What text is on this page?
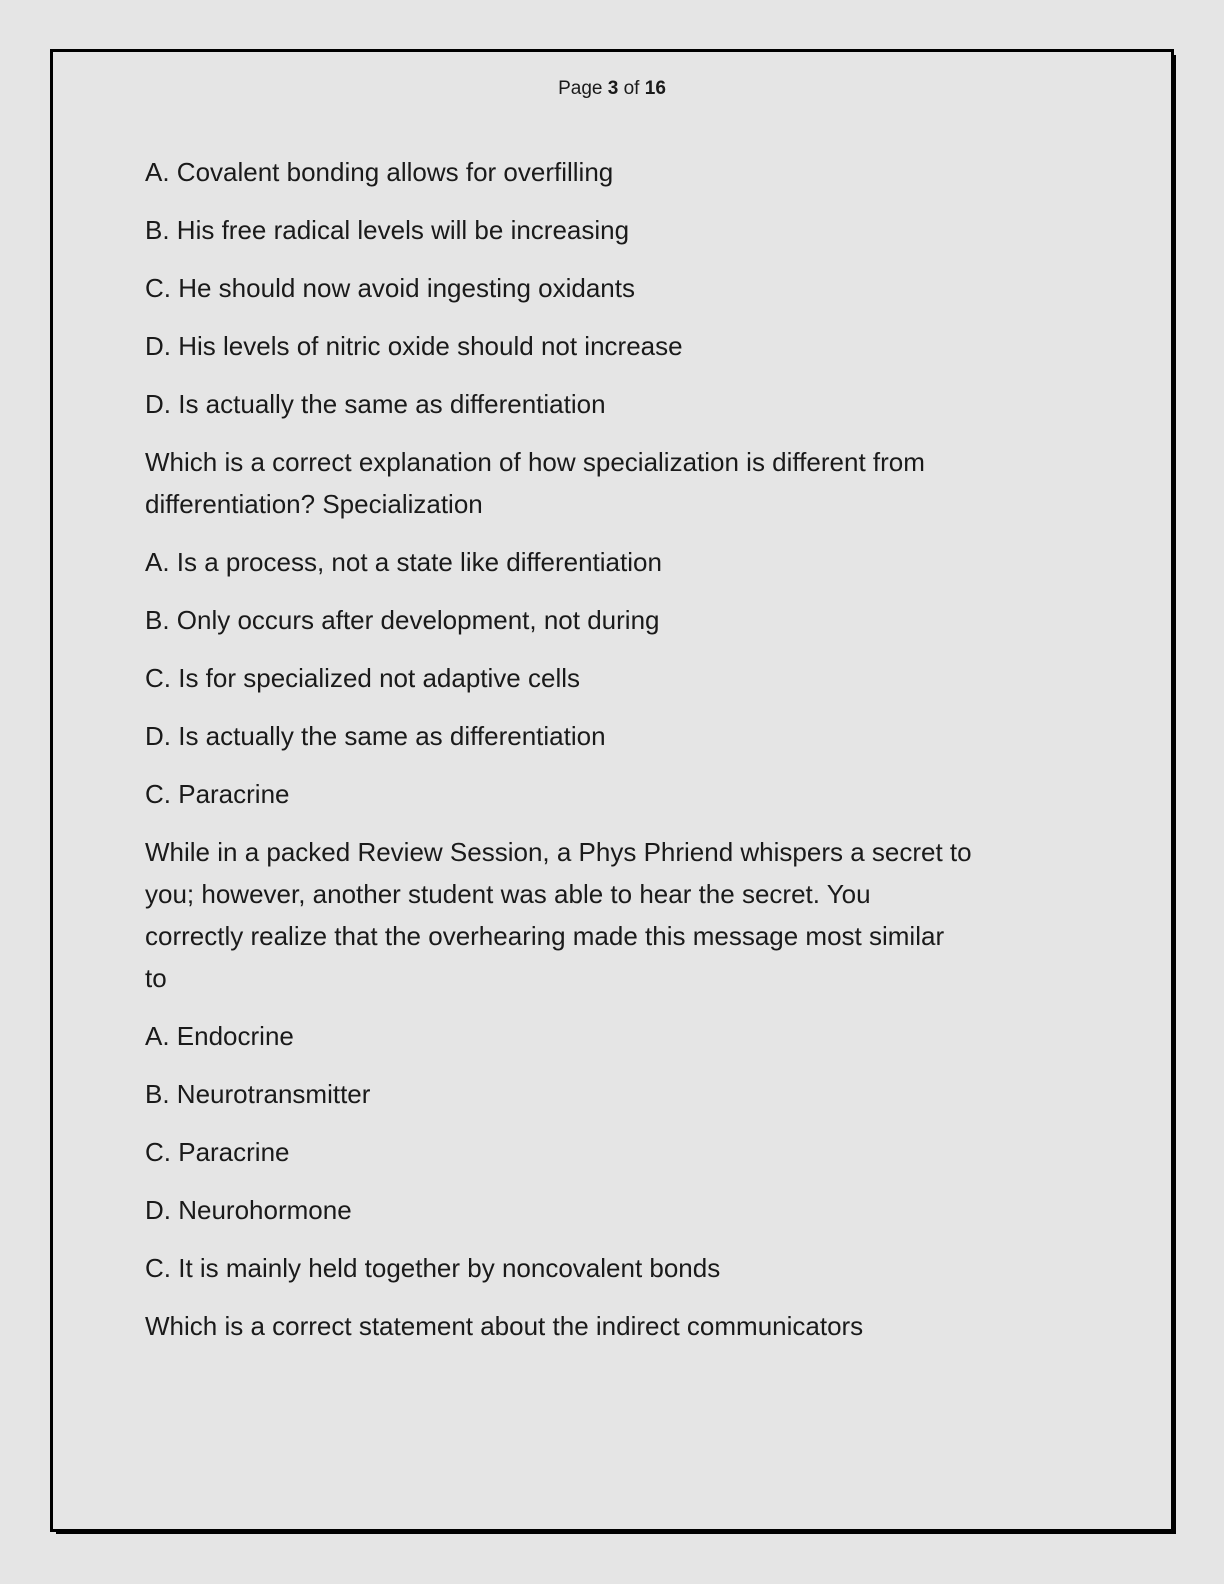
Page 3 of 16

A. Covalent bonding allows for overfilling

B. His free radical levels will be increasing

C. He should now avoid ingesting oxidants

D. His levels of nitric oxide should not increase

D. Is actually the same as differentiation

Which is a correct explanation of how specialization is different from
differentiation? Specialization

A. Is a process, not a state like differentiation

B. Only occurs after development, not during

C. Is for specialized not adaptive cells

D. Is actually the same as differentiation

C. Paracrine

While in a packed Review Session, a Phys Phriend whispers a secret to
you; however, another student was able to hear the secret. You
correctly realize that the overhearing made this message most similar
to

A. Endocrine

B. Neurotransmitter

C. Paracrine

D. Neurohormone

C. It is mainly held together by noncovalent bonds

Which is a correct statement about the indirect communicators
